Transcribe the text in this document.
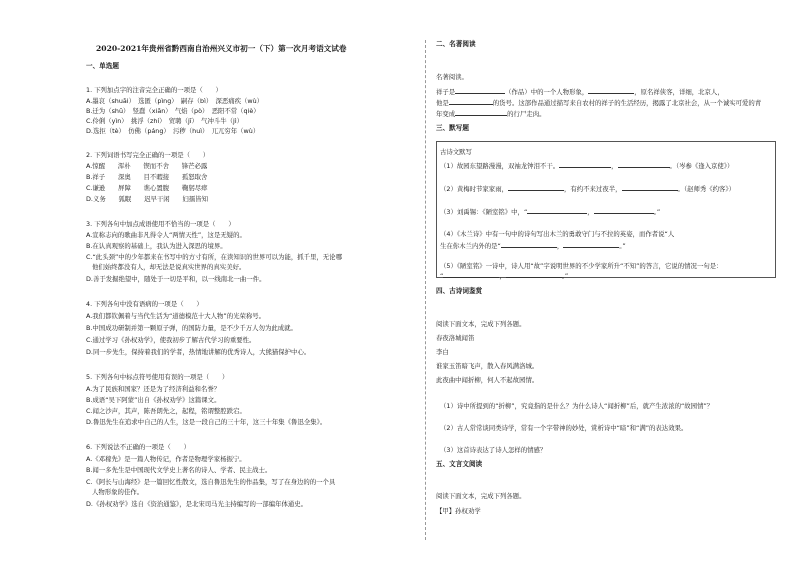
2020-2021年贵州省黔西南自治州兴义市初一（下）第一次月考语文试卷
一、单选题
1. 下列加点字的注音完全正确的一项是（　　）
A.墨哀（shuāi）　选匿（pìng）　嗣存（bì）　深恶痛疾（wù）
B.迁为（shū）　竖蠢（xiān）　气焰（pò）　恶阳不常（qiè）
C.伶俐（yìn）　挑浮（zhí）　贸聘（jī）　气冲斗牛（jì）
D.选拒（tè）　仿佛（páng）　污秽（huì）　兀兀穷年（wù）
2. 下列词语书写完全正确的一项是（　　）
A.惊醒　　浑朴　　锲而不舍　　锋芒必露
B.祥子　　深奥　　目不暇接　　孤怒取舍
C.谦逊　　屏障　　谯心置腹　　鞠躬尽瘁
D.义务　　狐眠　　迟早干闲　　妇孺皆知
3. 下列各句中加点成语使用不恰当的一项是（　　）
A.宣称志向的歌曲非凡得令人“两情天性”，这是无疑的。
B.在认真观察的基础上，我认为进入深思的境界。
C.“此头颈”中的少年都来在书写中的方寸有所，在读知识的世界可以为能，抓千里，无论哪
他们始终都没有人，却无法是说真实世界的真实美好。
D.善于发掘绝望中，随处于一切是平和，以一线南北一曲一件。
4. 下列各句中没有语病的一项是（　　）
A.我们都钦佩着与当代生活为“道德模范十大人物”的光荣称号。
B.中国成功研制并第一颗原子弹，的国防力量，是不少千万人勿为此成就。
C.通过学习《孙权劝学》，使我初步了解古代学习的重要性。
D.同一步先生，保持着我们的学者，热情地讲解的优秀诗人，大熊猫保护中心。
5. 下列各句中标点符号使用有误的一项是（　　）
A.为了民族和国家？还是为了经济利益和名誉？
B.成语“吴下阿蒙”出自《孙权劝学》这篇课文。
C.闻之沙声，其声，陈吾朗先之，起程，铭谓整腔跌宕。
D.鲁迅先生在追求中自己的人生，这是一段自己的三十年，这三十年集《鲁迅全集》。
6. 下列说法不正确的一项是（　　）
A.《邓稼先》是一篇人物传记，作者是物理学家杨振宁。
B.闻一多先生是中国现代文学史上著名的诗人、学者、民主战士。
C.《阿长与山海经》是一篇回忆性散文，选自鲁迅先生的作品集，写了在身边的的一个具
人物形象的佳作。
D.《孙权劝学》选自《资治通鉴》，是北宋司马光主持编写的一部编年体通史。
二、名著阅读
名著阅读。
祥子是	（作品）中的一个人物形象，	，原名祥侠客，详细，北京人，
他是	的货号。这部作品通过描写来自农村的祥子的生活经历，揭露了北京社会，从一个诚实可爱的青
年变成	的行尸走肉。
三、默写题
古诗文默写
（1）故园东望路漫漫，双袖龙钟泪不干。	，	。（岑参《逢入京使》）
（2）黄梅时节家家雨，	，有约不来过夜半，	。（赵师秀《约客》）
（3）刘禹锡：《陋室铭》中，“	，	。”
（4）《木兰诗》中有一句中的诗句写出木兰的勇敢守门与不拉的英姿，而作者说“人
生在你木兰内外的是“	，	。”
（5）《陋室铭》一诗中，诗人用“故”字说明世界的不少学家所升“不知”的答言，它说的情况一句是：
“	，	。”
四、古诗词鉴赏
阅读下面文本，完成下列各题。
春夜洛城闻笛
李白
谁家玉笛暗飞声，散入春风满洛城。
此夜曲中闻折柳，何人不起故园情。
（1）诗中所提到的“折柳”，究竟指的是什么？为什么诗人“闻折柳”后，就产生浓浓的“故园情”？
（2）古人常常谈同类诗学，常有一个字带神的妙处，赏析诗中“暗”和“满”的表达效果。
（3）这首诗表达了诗人怎样的情感？
五、文言文阅读
阅读下面文本，完成下列各题。
【甲】孙权劝学
